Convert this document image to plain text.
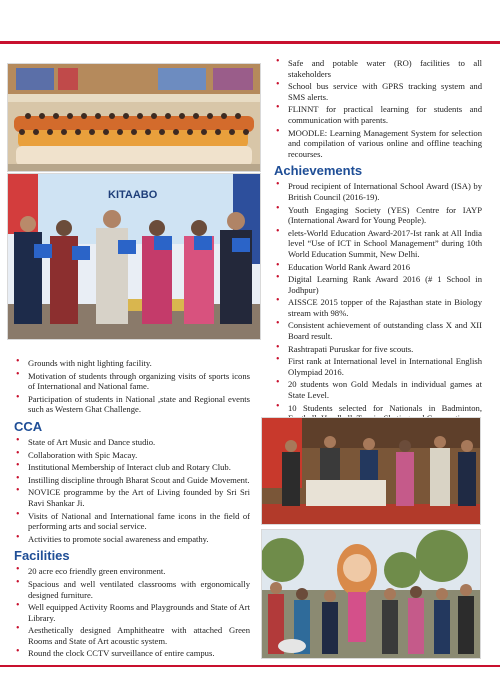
KITAABO
• Grounds with night lighting facility.
• Motivation of students through organizing visits of sports icons of International and National fame.
• Participation of students in National ,state and Regional events such as Western Ghat Challenge.
CCA
• State of Art Music and Dance studio.
• Collaboration with Spic Macay.
• Institutional Membership of Interact club and Rotary Club.
• Instilling discipline through Bharat Scout and Guide Movement.
• NOVICE programme by the Art of Living founded by Sri Sri Ravi Shankar Ji.
• Visits of National and International fame icons in the field of performing arts and social service.
• Activities to promote social awareness and empathy.
Facilities
• 20 acre eco friendly green environment.
• Spacious and well ventilated classrooms with ergonomically designed furniture.
• Well equipped Activity Rooms and Playgrounds and State of Art Library.
• Aesthetically designed Amphitheatre with attached Green Rooms and State of Art acoustic system.
• Round the clock CCTV surveillance of entire campus.
• Safe and potable water (RO) facilities to all stakeholders
• School bus service with GPRS tracking system and SMS alerts.
• FLINNT for practical learning for students and communication with parents.
• MOODLE: Learning Management System for selection and compilation of various online and offline teaching recourses.
Achievements
• Proud recipient of International School Award (ISA) by British Council (2016-19).
• Youth Engaging Society (YES) Centre for IAYP (International Award for Young People).
• elets-World Education Award-2017-Ist rank at All India level “Use of ICT in School Management” during 10th World Education Summit, New Delhi.
• Education World Rank Award 2016
• Digital Learning Rank Award 2016 (# 1 School in Jodhpur)
• AISSCE 2015 topper of the Rajasthan state in Biology stream with 98%.
• Consistent achievement of outstanding class X and XII Board result.
• Rashtrapati Puruskar for five scouts.
• First rank at International level in International English Olympiad 2016.
• 20 students won Gold Medals in individual games at State Level.
• 10 Students selected for Nationals in Badminton,
